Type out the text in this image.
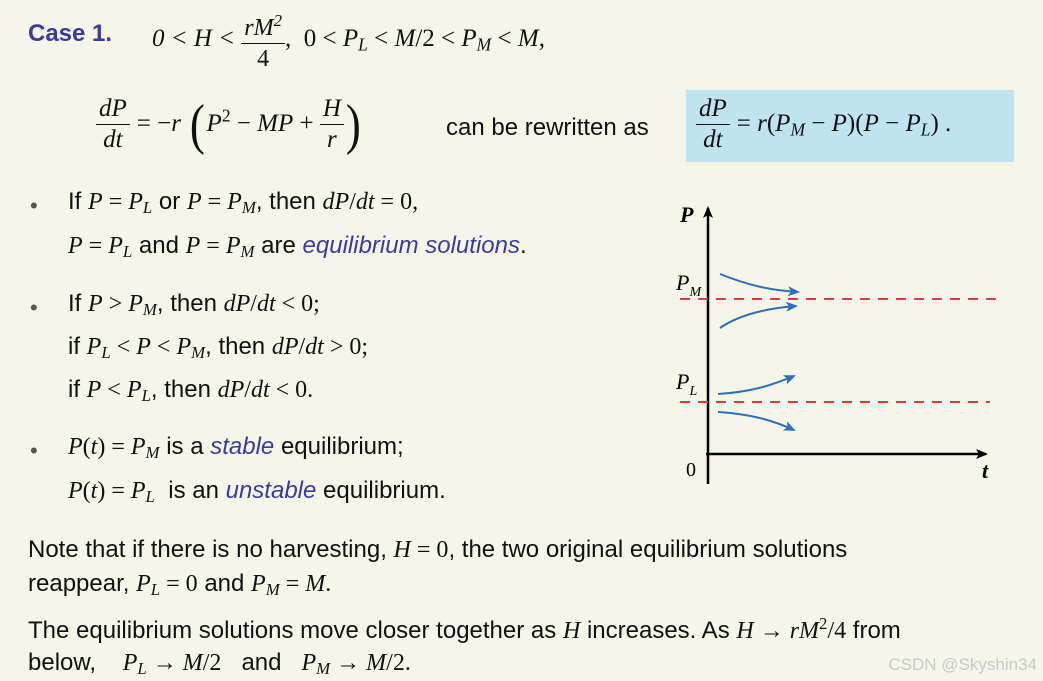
Case 1. $0 < H < \frac{rM^2}{4}$ ,  $0 < P_L < M/2 < P_M < M$,
$\frac{dP}{dt} = -r$ ($P^2$ − MP + $\frac{H}{r}$ )	can be rewritten as $\frac{dP}{dt} = r(P_M - P)(P - P_L)$ .
• If $P = P_L$ or $P = P_M$, then dP/dt = 0,
$P = P_L$ and $P = P_M$ are equilibrium solutions.
• If $P > P_M$, then dP/dt < 0;
if $P_L < P < P_M$, then dP/dt > 0;
if $P < P_L$, then dP/dt < 0.
• $P(t) = P_M$ is a stable equilibrium;
$P(t) = P_L$ is an unstable equilibrium.
P
t
0
$P_M$
$P_L$
Note that if there is no harvesting, H = 0, the two original equilibrium solutions
reappear, $P_L = 0$ and $P_M = M$.
The equilibrium solutions move closer together as H increases. As $H \to rM^2/4$ from
below, $P_L \to M/2$ and $P_M \to M/2$.	CSDN @Skyshin34
